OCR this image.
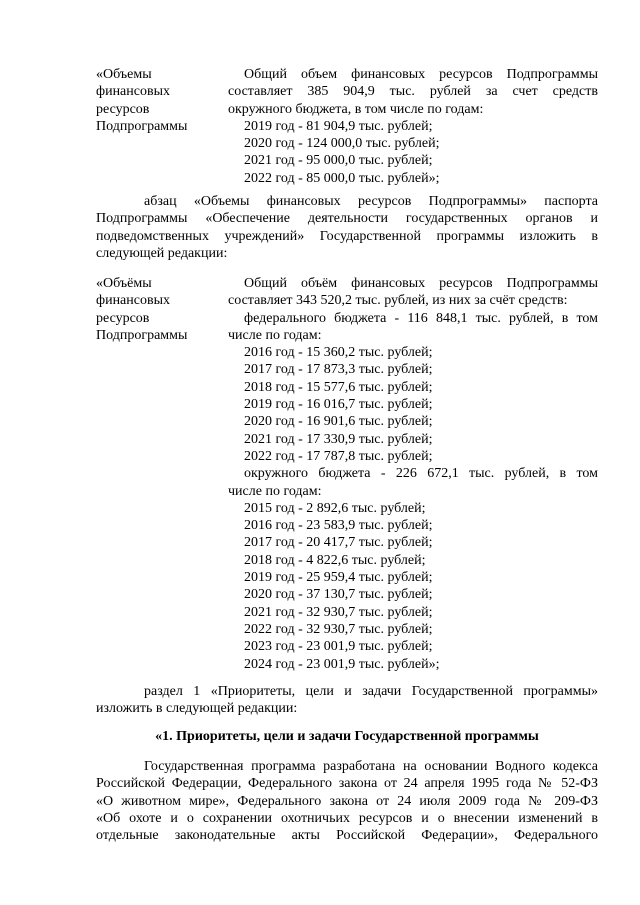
«Объемы
финансовых
ресурсов
Подпрограммы
Общий объем финансовых ресурсов Подпрограммы
составляет 385 904,9 тыс. рублей за счет средств
окружного бюджета, в том числе по годам:
2019 год - 81 904,9 тыс. рублей;
2020 год - 124 000,0 тыс. рублей;
2021 год - 95 000,0 тыс. рублей;
2022 год - 85 000,0 тыс. рублей»;
абзац «Объемы финансовых ресурсов Подпрограммы» паспорта
Подпрограммы «Обеспечение деятельности государственных органов и
подведомственных учреждений» Государственной программы изложить в
следующей редакции:
«Объёмы
финансовых
ресурсов
Подпрограммы
Общий объём финансовых ресурсов Подпрограммы
составляет 343 520,2 тыс. рублей, из них за счёт средств:
федерального бюджета - 116 848,1 тыс. рублей, в том
числе по годам:
2016 год - 15 360,2 тыс. рублей;
2017 год - 17 873,3 тыс. рублей;
2018 год - 15 577,6 тыс. рублей;
2019 год - 16 016,7 тыс. рублей;
2020 год - 16 901,6 тыс. рублей;
2021 год - 17 330,9 тыс. рублей;
2022 год - 17 787,8 тыс. рублей;
окружного бюджета - 226 672,1 тыс. рублей, в том
числе по годам:
2015 год - 2 892,6 тыс. рублей;
2016 год - 23 583,9 тыс. рублей;
2017 год - 20 417,7 тыс. рублей;
2018 год - 4 822,6 тыс. рублей;
2019 год - 25 959,4 тыс. рублей;
2020 год - 37 130,7 тыс. рублей;
2021 год - 32 930,7 тыс. рублей;
2022 год - 32 930,7 тыс. рублей;
2023 год - 23 001,9 тыс. рублей;
2024 год - 23 001,9 тыс. рублей»;
раздел 1 «Приоритеты, цели и задачи Государственной программы»
изложить в следующей редакции:
«1. Приоритеты, цели и задачи Государственной программы
Государственная программа разработана на основании Водного кодекса
Российской Федерации, Федерального закона от 24 апреля 1995 года № 52-ФЗ
«О животном мире», Федерального закона от 24 июля 2009 года № 209-ФЗ
«Об охоте и о сохранении охотничьих ресурсов и о внесении изменений в
отдельные законодательные акты Российской Федерации», Федерального
